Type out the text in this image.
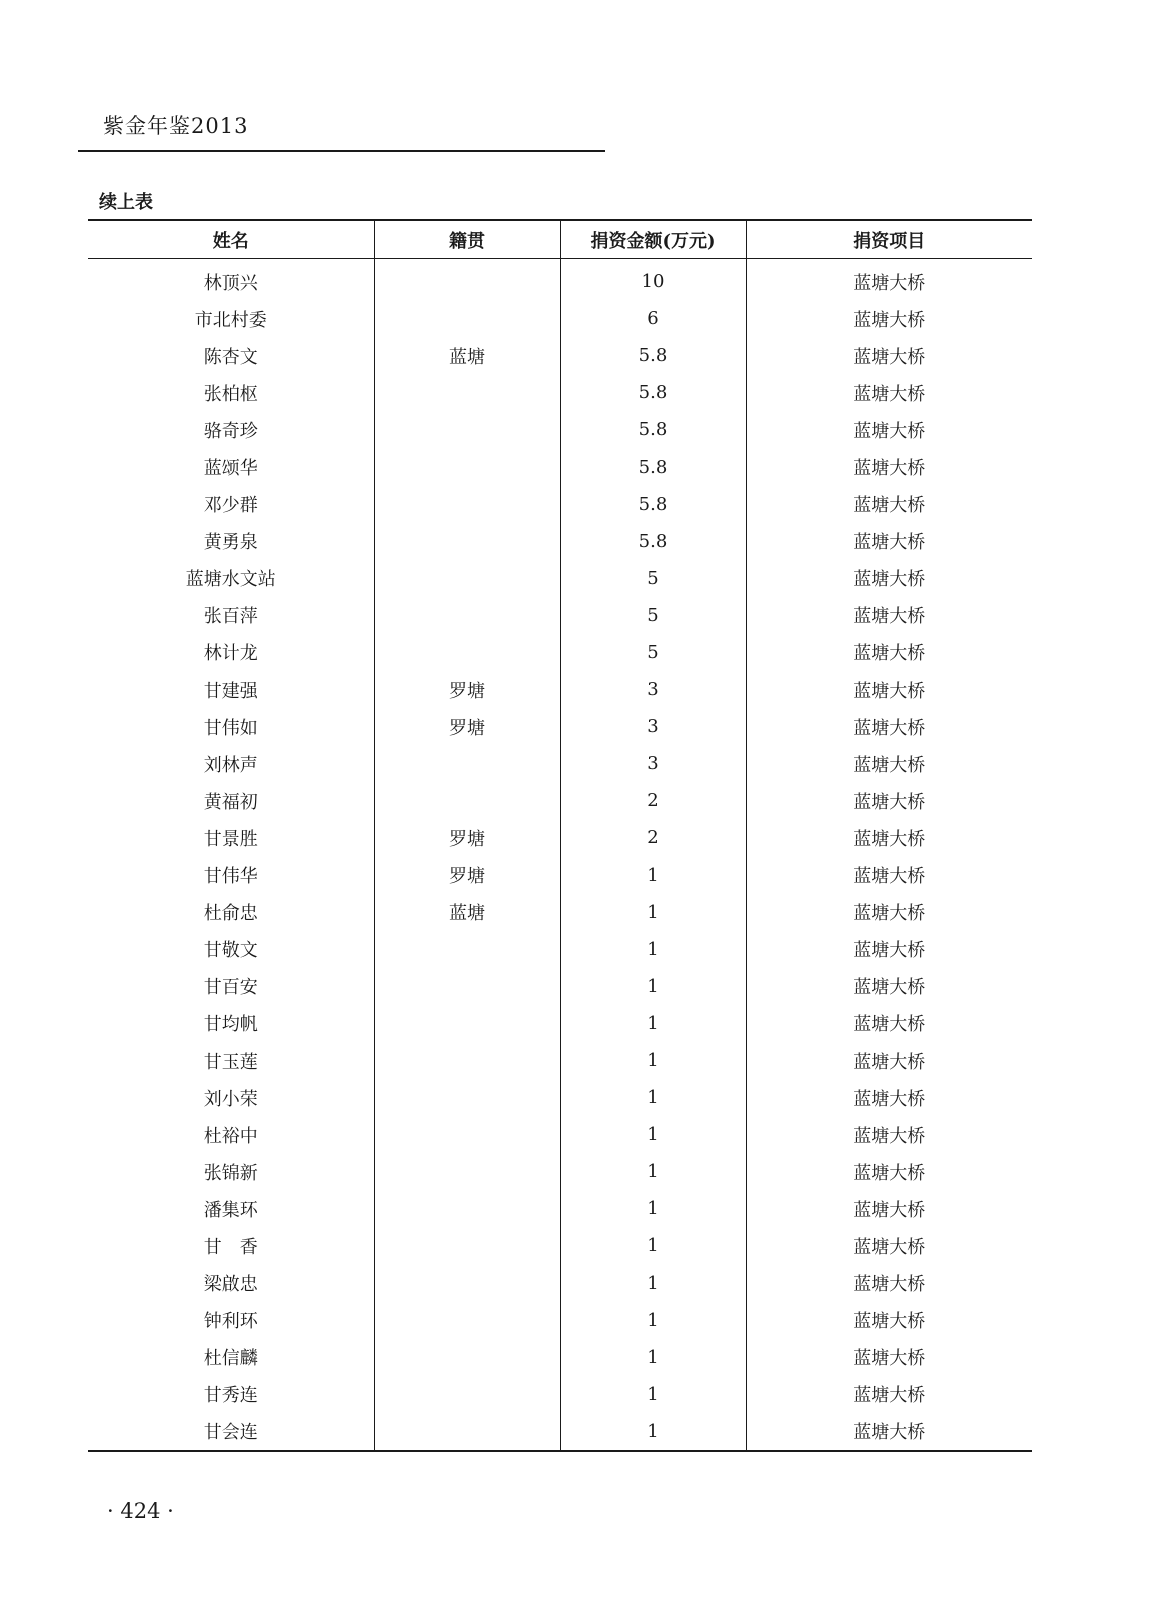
紫金年鉴2013
续上表
姓名	籍贯	捐资金额(万元)	捐资项目
林顶兴		10	蓝塘大桥
市北村委		6	蓝塘大桥
陈杏文	蓝塘	5.8	蓝塘大桥
张柏枢		5.8	蓝塘大桥
骆奇珍		5.8	蓝塘大桥
蓝颂华		5.8	蓝塘大桥
邓少群		5.8	蓝塘大桥
黄勇泉		5.8	蓝塘大桥
蓝塘水文站		5	蓝塘大桥
张百萍		5	蓝塘大桥
林计龙		5	蓝塘大桥
甘建强	罗塘	3	蓝塘大桥
甘伟如	罗塘	3	蓝塘大桥
刘林声		3	蓝塘大桥
黄福初		2	蓝塘大桥
甘景胜	罗塘	2	蓝塘大桥
甘伟华	罗塘	1	蓝塘大桥
杜俞忠	蓝塘	1	蓝塘大桥
甘敬文		1	蓝塘大桥
甘百安		1	蓝塘大桥
甘均帆		1	蓝塘大桥
甘玉莲		1	蓝塘大桥
刘小荣		1	蓝塘大桥
杜裕中		1	蓝塘大桥
张锦新		1	蓝塘大桥
潘集环		1	蓝塘大桥
甘　香		1	蓝塘大桥
梁啟忠		1	蓝塘大桥
钟利环		1	蓝塘大桥
杜信麟		1	蓝塘大桥
甘秀连		1	蓝塘大桥
甘会连		1	蓝塘大桥
· 424 ·
